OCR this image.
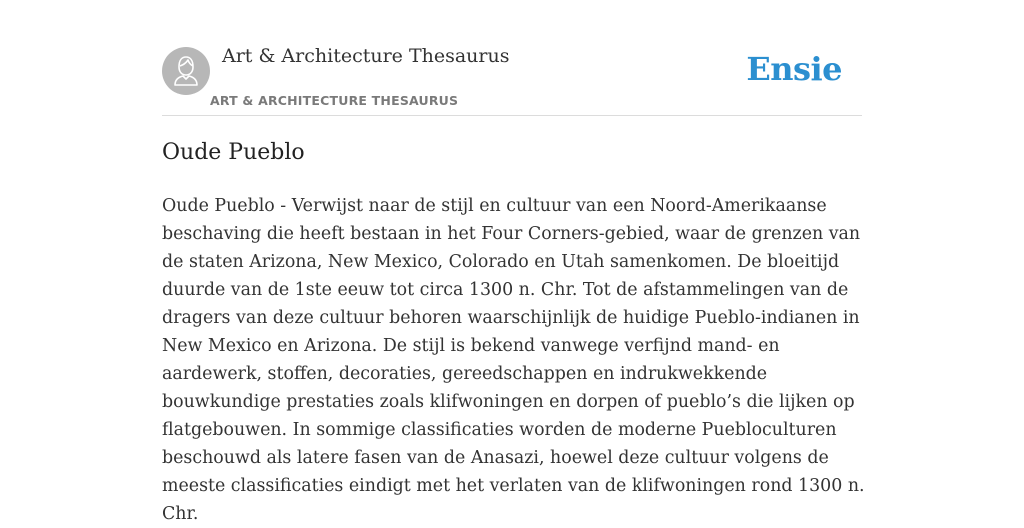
Art & Architecture Thesaurus
ART & ARCHITECTURE THESAURUS
Ensie
Oude Pueblo

Oude Pueblo - Verwijst naar de stijl en cultuur van een Noord-Amerikaanse beschaving die heeft bestaan in het Four Corners-gebied, waar de grenzen van de staten Arizona, New Mexico, Colorado en Utah samenkomen. De bloeitijd duurde van de 1ste eeuw tot circa 1300 n. Chr. Tot de afstammelingen van de dragers van deze cultuur behoren waarschijnlijk de huidige Pueblo-indianen in New Mexico en Arizona. De stijl is bekend vanwege verfijnd mand- en aardewerk, stoffen, decoraties, gereedschappen en indrukwekkende bouwkundige prestaties zoals klifwoningen en dorpen of pueblo’s die lijken op flatgebouwen. In sommige classificaties worden de moderne Puebloculturen beschouwd als latere fasen van de Anasazi, hoewel deze cultuur volgens de meeste classificaties eindigt met het verlaten van de klifwoningen rond 1300 n. Chr.
